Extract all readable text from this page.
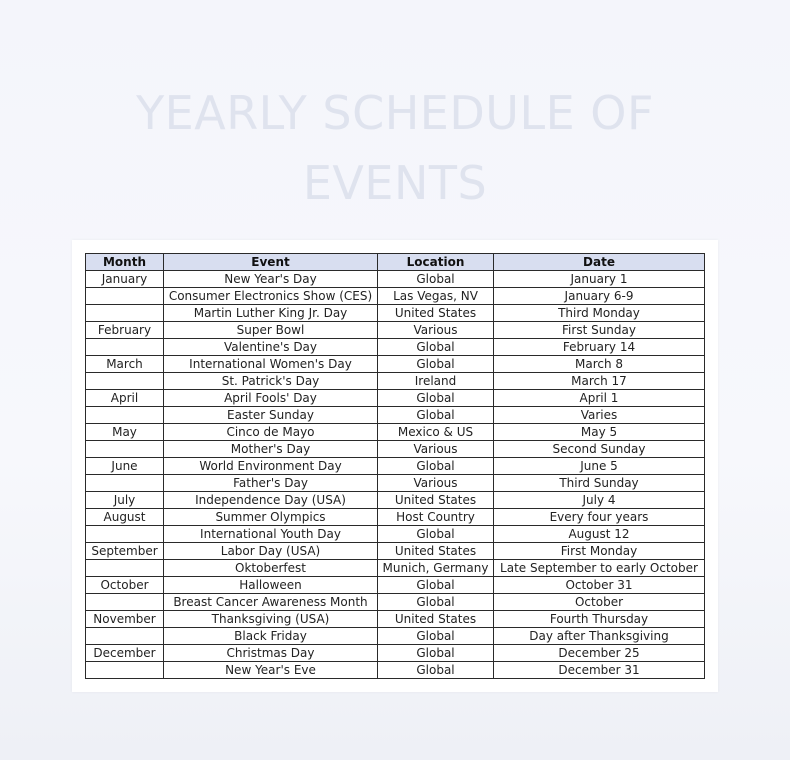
YEARLY SCHEDULE OF
EVENTS
Month	Event	Location	Date
January	New Year's Day	Global	January 1
	Consumer Electronics Show (CES)	Las Vegas, NV	January 6-9
	Martin Luther King Jr. Day	United States	Third Monday
February	Super Bowl	Various	First Sunday
	Valentine's Day	Global	February 14
March	International Women's Day	Global	March 8
	St. Patrick's Day	Ireland	March 17
April	April Fools' Day	Global	April 1
	Easter Sunday	Global	Varies
May	Cinco de Mayo	Mexico & US	May 5
	Mother's Day	Various	Second Sunday
June	World Environment Day	Global	June 5
	Father's Day	Various	Third Sunday
July	Independence Day (USA)	United States	July 4
August	Summer Olympics	Host Country	Every four years
	International Youth Day	Global	August 12
September	Labor Day (USA)	United States	First Monday
	Oktoberfest	Munich, Germany	Late September to early October
October	Halloween	Global	October 31
	Breast Cancer Awareness Month	Global	October
November	Thanksgiving (USA)	United States	Fourth Thursday
	Black Friday	Global	Day after Thanksgiving
December	Christmas Day	Global	December 25
	New Year's Eve	Global	December 31
